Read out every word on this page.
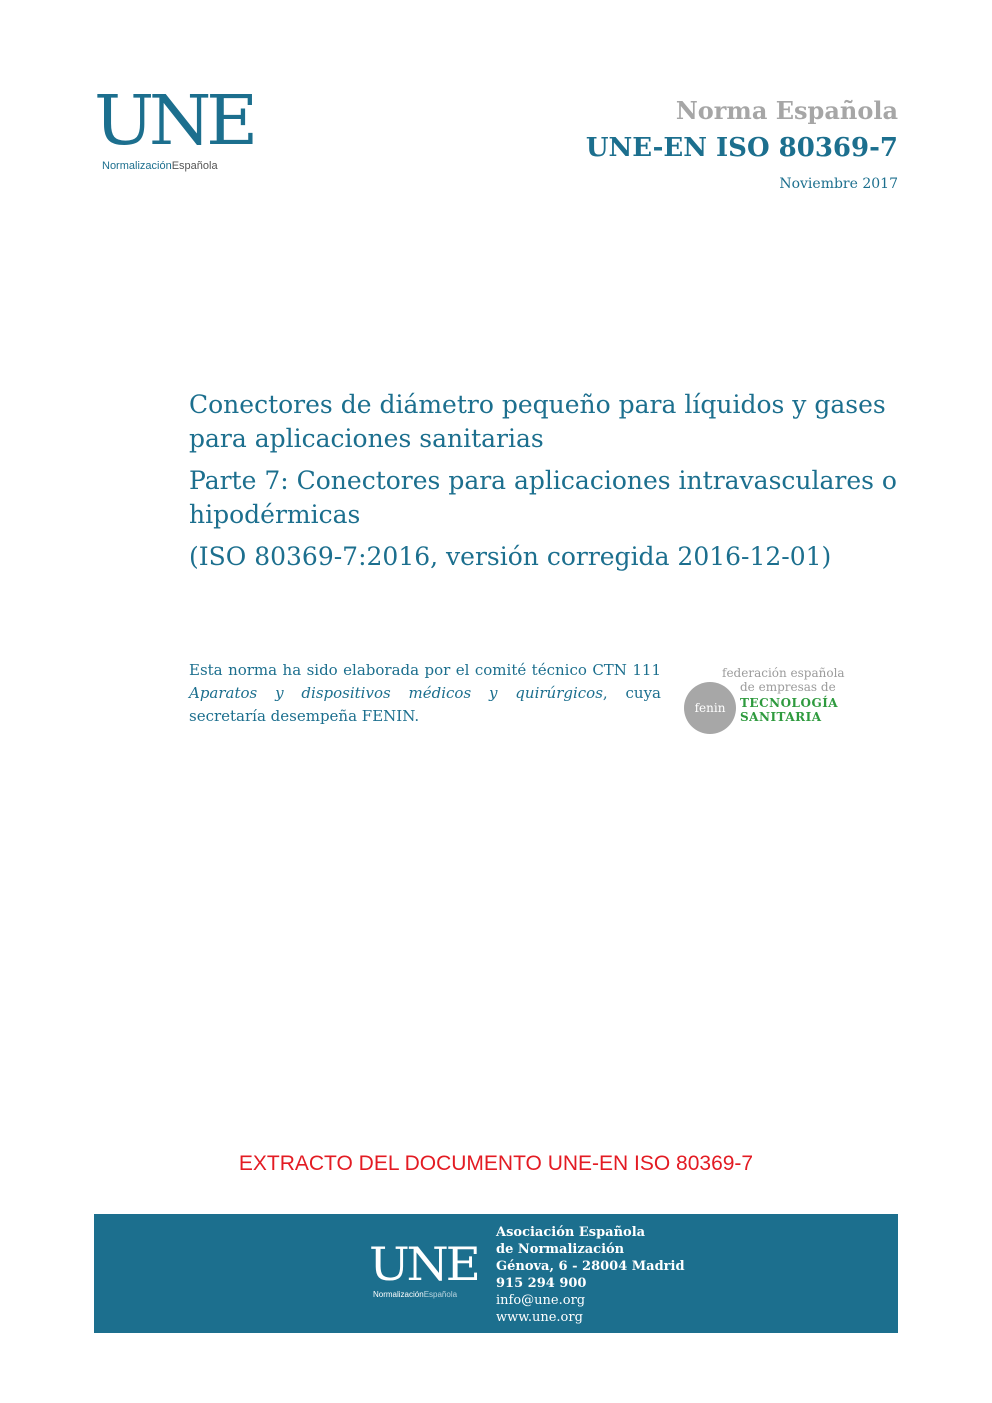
UNE
NormalizaciónEspañola
Norma Española
UNE-EN ISO 80369-7
Noviembre 2017

Conectores de diámetro pequeño para líquidos y gases para aplicaciones sanitarias

Parte 7: Conectores para aplicaciones intravasculares o hipodérmicas

(ISO 80369-7:2016, versión corregida 2016-12-01)

Esta norma ha sido elaborada por el comité técnico CTN 111 Aparatos y dispositivos médicos y quirúrgicos, cuya secretaría desempeña FENIN.	fenin
federación española
de empresas de
TECNOLOGÍA SANITARIA
EXTRACTO DEL DOCUMENTO UNE-EN ISO 80369-7
UNE
NormalizaciónEspañola
Asociación Española
de Normalización
Génova, 6 - 28004 Madrid
915 294 900
info@une.org
www.une.org
